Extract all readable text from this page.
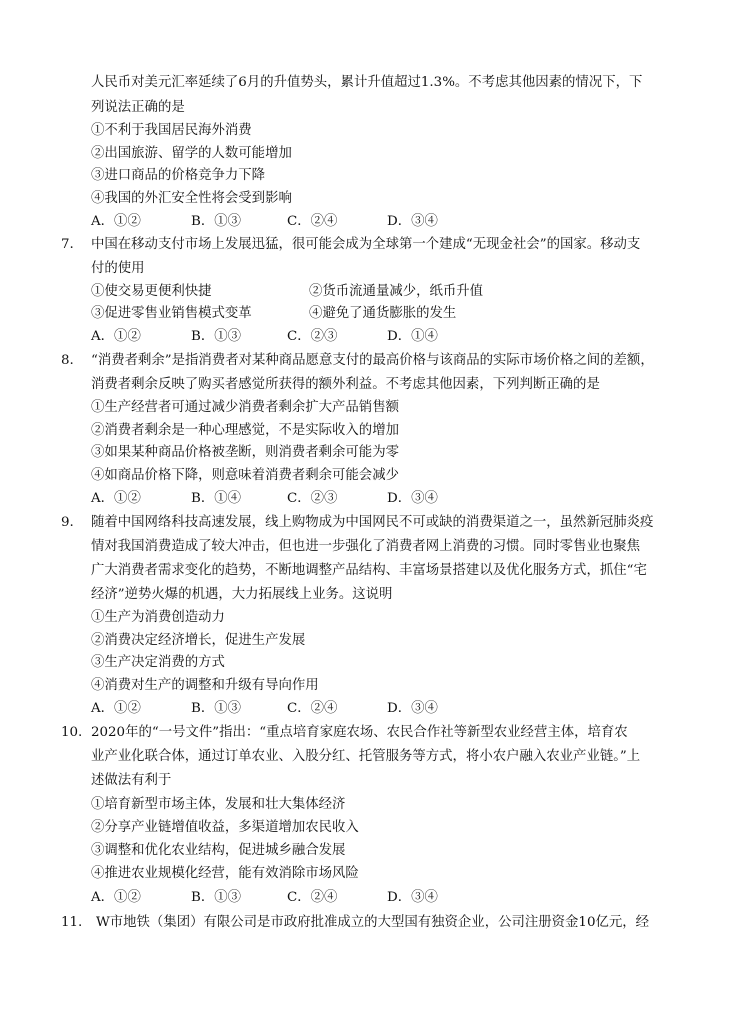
人民币对美元汇率延续了6月的升值势头，累计升值超过1.3%。不考虑其他因素的情况下，下
列说法正确的是
①不利于我国居民海外消费
②出国旅游、留学的人数可能增加
③进口商品的价格竞争力下降
④我国的外汇安全性将会受到影响
A．①②	B．①③	C．②④	D．③④
7. 中国在移动支付市场上发展迅猛，很可能会成为全球第一个建成“无现金社会”的国家。移动支
付的使用
①使交易更便利快捷	②货币流通量减少，纸币升值
③促进零售业销售模式变革	④避免了通货膨胀的发生
A．①②	B．①③	C．②③	D．①④
8. “消费者剩余”是指消费者对某种商品愿意支付的最高价格与该商品的实际市场价格之间的差额，
消费者剩余反映了购买者感觉所获得的额外利益。不考虑其他因素，下列判断正确的是
①生产经营者可通过减少消费者剩余扩大产品销售额
②消费者剩余是一种心理感觉，不是实际收入的增加
③如果某种商品价格被垄断，则消费者剩余可能为零
④如商品价格下降，则意味着消费者剩余可能会减少
A．①②	B．①④	C．②③	D．③④
9. 随着中国网络科技高速发展，线上购物成为中国网民不可或缺的消费渠道之一，虽然新冠肺炎疫
情对我国消费造成了较大冲击，但也进一步强化了消费者网上消费的习惯。同时零售业也聚焦
广大消费者需求变化的趋势，不断地调整产品结构、丰富场景搭建以及优化服务方式，抓住“宅
经济”逆势火爆的机遇，大力拓展线上业务。这说明
①生产为消费创造动力
②消费决定经济增长，促进生产发展
③生产决定消费的方式
④消费对生产的调整和升级有导向作用
A．①②	B．①③	C．②④	D．③④
10. 2020年的“一号文件”指出：“重点培育家庭农场、农民合作社等新型农业经营主体，培育农
业产业化联合体，通过订单农业、入股分红、托管服务等方式，将小农户融入农业产业链。”上
述做法有利于
①培育新型市场主体，发展和壮大集体经济
②分享产业链增值收益，多渠道增加农民收入
③调整和优化农业结构，促进城乡融合发展
④推进农业规模化经营，能有效消除市场风险
A．①②	B．①③	C．②④	D．③④
11. W市地铁（集团）有限公司是市政府批准成立的大型国有独资企业，公司注册资金10亿元，经
